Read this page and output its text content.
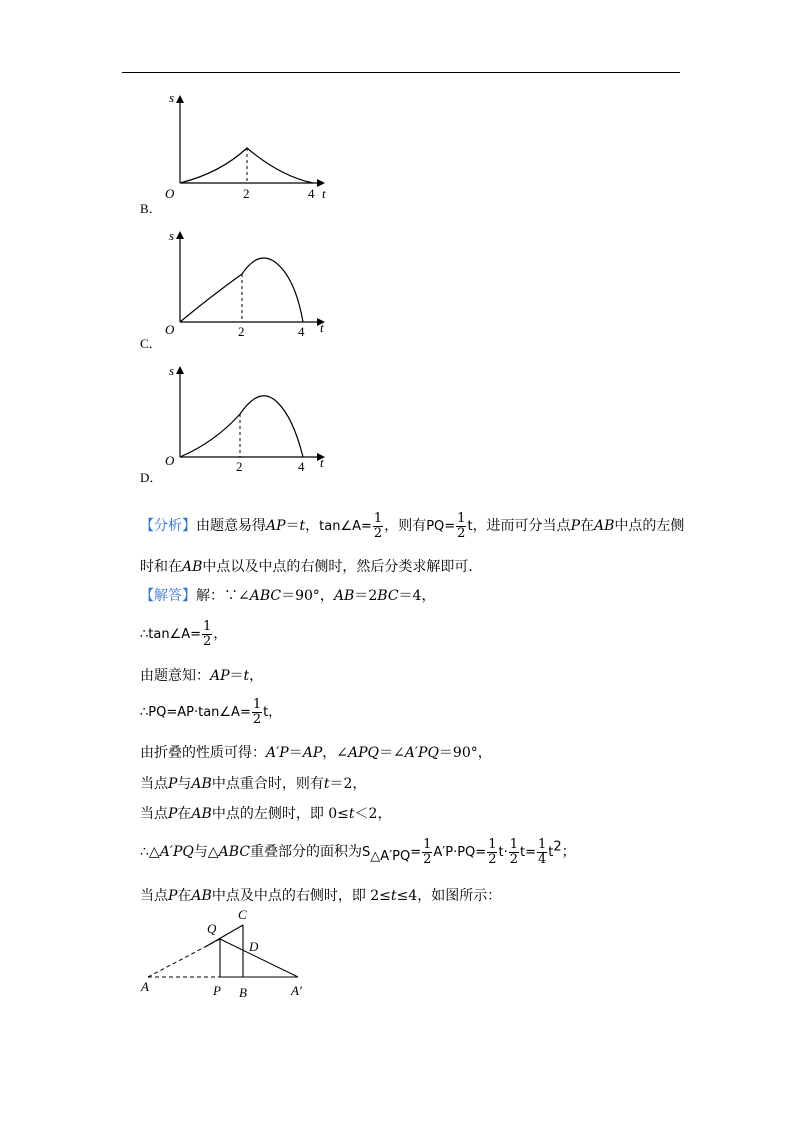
s
O	2	4 t
B．
s
O	2	4 t
C．
s
O	2	4 t
D．
【分析】由题意易得AP＝t，tan∠A= $\frac{1}{2}$ ，则有$PQ= \frac{1}{2}$ t，进而可分当点P在AB中点的左侧
时和在AB中点以及中点的右侧时，然后分类求解即可．
【解答】解：∵∠ABC＝90°，AB＝2BC＝4，
∴tan∠A= $\frac{1}{2}$ ，
由题意知：AP＝t，
∴PQ=AP·tan∠A= $\frac{1}{2}$ t，
由折叠的性质可得：A′P＝AP，∠APQ＝∠A′PQ＝90°，
当点P与AB中点重合时，则有t＝2，
当点P在AB中点的左侧时，即 0≤t＜2，
∴△A′PQ与△ABC重叠部分的面积为$S_{\triangle A'PQ}= \frac{1}{2} A'P\cdot PQ= \frac{1}{2} t\cdot \frac{1}{2} t= \frac{1}{4} t^2$；
当点P在AB中点及中点的右侧时，即 2≤t≤4，如图所示：
Q
C
D
A	P B	A′
